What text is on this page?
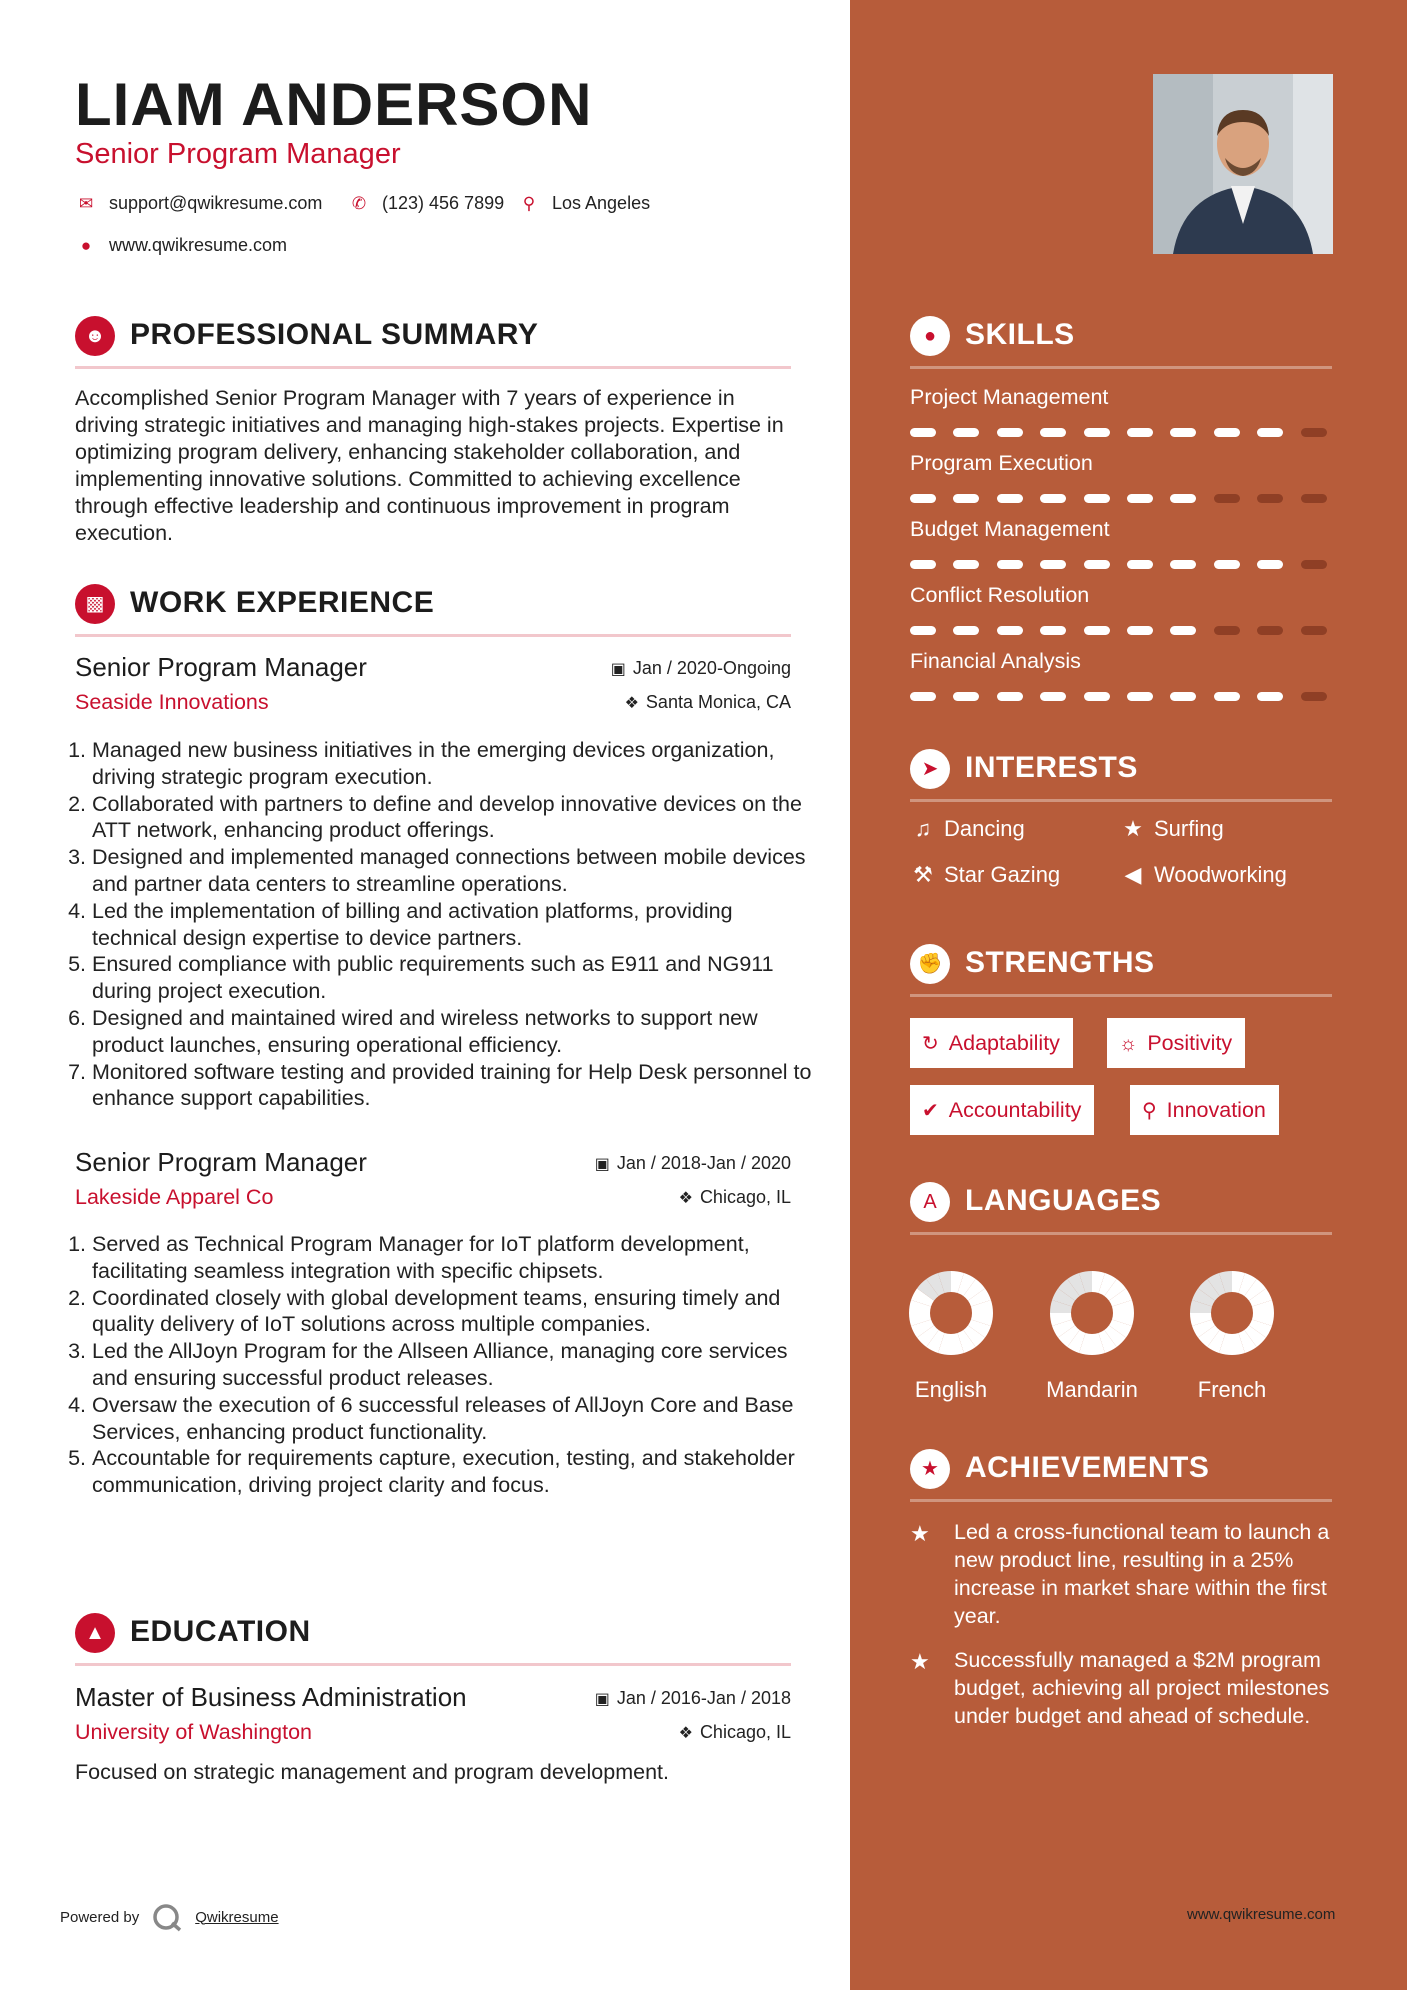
LIAM ANDERSON
Senior Program Manager
✉ support@qwikresume.com ✆ (123) 456 7899 ⚲ Los Angeles
● www.qwikresume.com
☻ PROFESSIONAL SUMMARY
Accomplished Senior Program Manager with 7 years of experience in driving strategic initiatives and managing high-stakes projects. Expertise in optimizing program delivery, enhancing stakeholder collaboration, and implementing innovative solutions. Committed to achieving excellence through effective leadership and continuous improvement in program execution.
▩ WORK EXPERIENCE
Senior Program Manager
Seaside Innovations
▣ Jan / 2020-Ongoing
❖ Santa Monica, CA
1. Managed new business initiatives in the emerging devices organization, driving strategic program execution.
2. Collaborated with partners to define and develop innovative devices on the ATT network, enhancing product offerings.
3. Designed and implemented managed connections between mobile devices and partner data centers to streamline operations.
4. Led the implementation of billing and activation platforms, providing technical design expertise to device partners.
5. Ensured compliance with public requirements such as E911 and NG911 during project execution.
6. Designed and maintained wired and wireless networks to support new product launches, ensuring operational efficiency.
7. Monitored software testing and provided training for Help Desk personnel to enhance support capabilities.
Senior Program Manager
Lakeside Apparel Co
▣ Jan / 2018-Jan / 2020
❖ Chicago, IL
1. Served as Technical Program Manager for IoT platform development, facilitating seamless integration with specific chipsets.
2. Coordinated closely with global development teams, ensuring timely and quality delivery of IoT solutions across multiple companies.
3. Led the AllJoyn Program for the Allseen Alliance, managing core services and ensuring successful product releases.
4. Oversaw the execution of 6 successful releases of AllJoyn Core and Base Services, enhancing product functionality.
5. Accountable for requirements capture, execution, testing, and stakeholder communication, driving project clarity and focus.
▲ EDUCATION
Master of Business Administration
University of Washington
▣ Jan / 2016-Jan / 2018
❖ Chicago, IL
Focused on strategic management and program development.
Powered by	Qwikresume
● SKILLS
Project Management
Program Execution
Budget Management
Conflict Resolution
Financial Analysis
➤ INTERESTS
♫ Dancing	★ Surfing
⚒ Star Gazing	◀ Woodworking
✊ STRENGTHS
↻ Adaptability	☼ Positivity
✔ Accountability	⚲ Innovation
A LANGUAGES
English	Mandarin	French
★ ACHIEVEMENTS
★	Led a cross-functional team to launch a new product line, resulting in a 25% increase in market share within the first year.
★	Successfully managed a $2M program budget, achieving all project milestones under budget and ahead of schedule.
www.qwikresume.com
